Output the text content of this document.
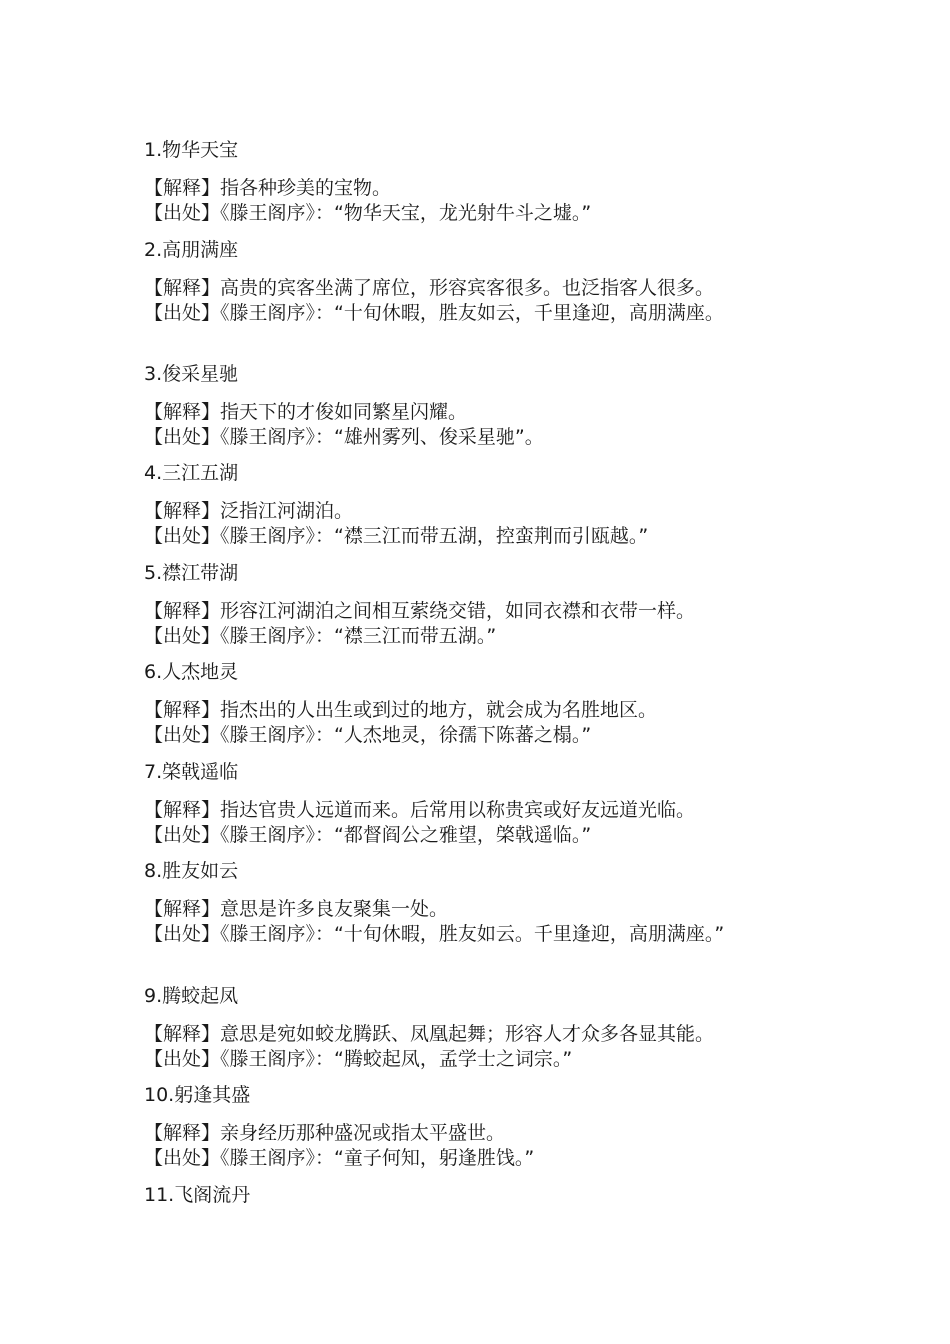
1.物华天宝
【解释】指各种珍美的宝物。
【出处】《滕王阁序》：“物华天宝，龙光射牛斗之墟。”
2.高朋满座
【解释】高贵的宾客坐满了席位，形容宾客很多。也泛指客人很多。
【出处】《滕王阁序》：“十旬休暇，胜友如云，千里逢迎，高朋满座。
3.俊采星驰
【解释】指天下的才俊如同繁星闪耀。
【出处】《滕王阁序》：“雄州雾列、俊采星驰”。
4.三江五湖
【解释】泛指江河湖泊。
【出处】《滕王阁序》：“襟三江而带五湖，控蛮荆而引瓯越。”
5.襟江带湖
【解释】形容江河湖泊之间相互萦绕交错，如同衣襟和衣带一样。
【出处】《滕王阁序》：“襟三江而带五湖。”
6.人杰地灵
【解释】指杰出的人出生或到过的地方，就会成为名胜地区。
【出处】《滕王阁序》：“人杰地灵，徐孺下陈蕃之榻。”
7.棨戟遥临
【解释】指达官贵人远道而来。后常用以称贵宾或好友远道光临。
【出处】《滕王阁序》：“都督阎公之雅望，棨戟遥临。”
8.胜友如云
【解释】意思是许多良友聚集一处。
【出处】《滕王阁序》：“十旬休暇，胜友如云。千里逢迎，高朋满座。”
9.腾蛟起凤
【解释】意思是宛如蛟龙腾跃、凤凰起舞；形容人才众多各显其能。
【出处】《滕王阁序》：“腾蛟起凤，孟学士之词宗。”
10.躬逢其盛
【解释】亲身经历那种盛况或指太平盛世。
【出处】《滕王阁序》：“童子何知，躬逢胜饯。”
11.飞阁流丹
